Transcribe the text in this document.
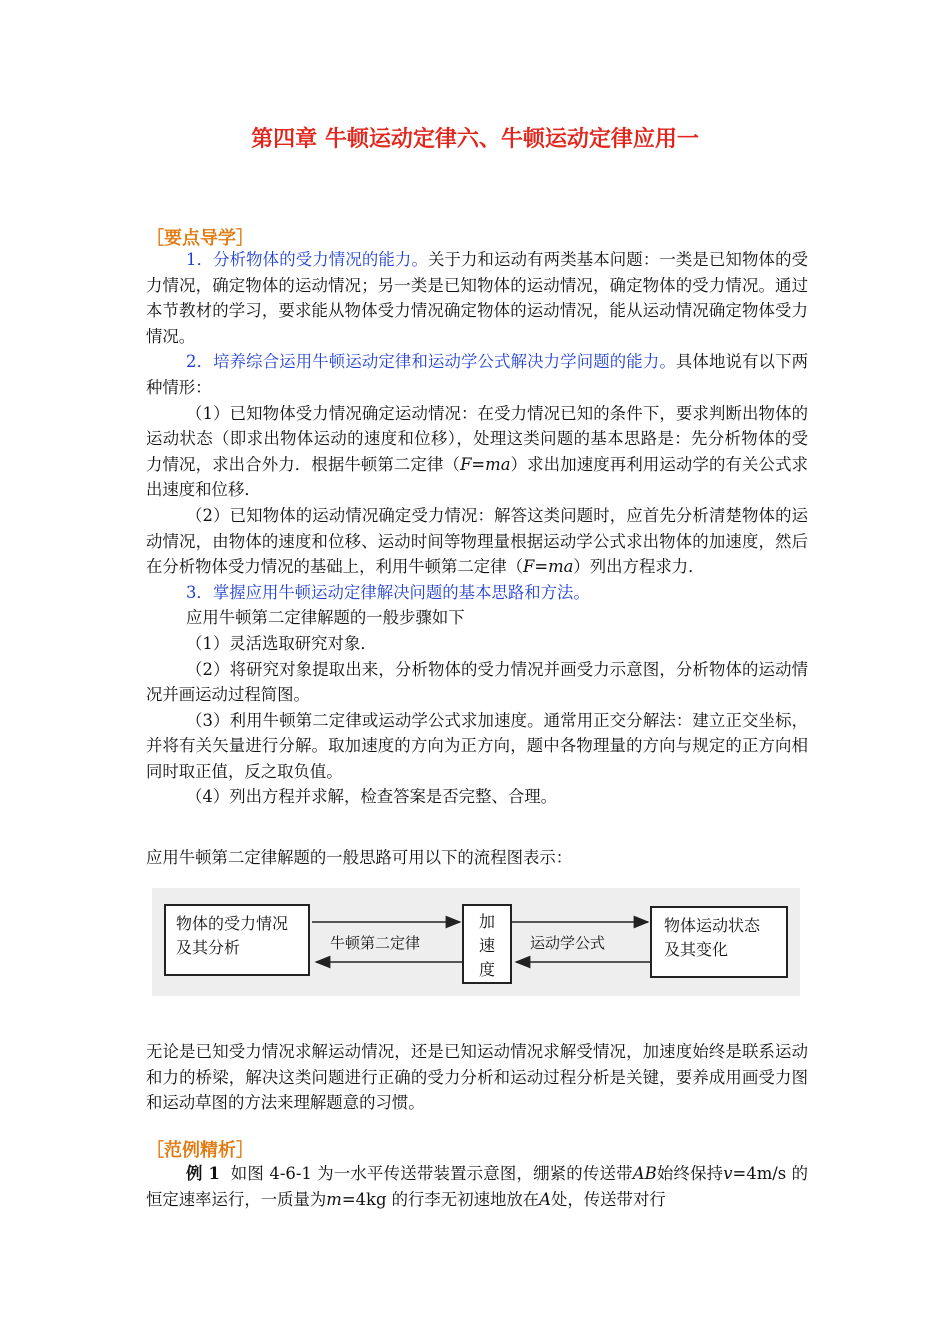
第四章 牛顿运动定律六、牛顿运动定律应用一
［要点导学］

1．分析物体的受力情况的能力。关于力和运动有两类基本问题：一类是已知物体的受力情况，确定物体的运动情况；另一类是已知物体的运动情况，确定物体的受力情况。通过本节教材的学习，要求能从物体受力情况确定物体的运动情况，能从运动情况确定物体受力情况。

2．培养综合运用牛顿运动定律和运动学公式解决力学问题的能力。具体地说有以下两种情形：

（1）已知物体受力情况确定运动情况：在受力情况已知的条件下，要求判断出物体的运动状态（即求出物体运动的速度和位移），处理这类问题的基本思路是：先分析物体的受力情况，求出合外力．根据牛顿第二定律（F=ma）求出加速度再利用运动学的有关公式求出速度和位移．

（2）已知物体的运动情况确定受力情况：解答这类问题时，应首先分析清楚物体的运动情况，由物体的速度和位移、运动时间等物理量根据运动学公式求出物体的加速度，然后在分析物体受力情况的基础上，利用牛顿第二定律（F=ma）列出方程求力．

3．掌握应用牛顿运动定律解决问题的基本思路和方法。

应用牛顿第二定律解题的一般步骤如下

（1）灵活选取研究对象．

（2）将研究对象提取出来，分析物体的受力情况并画受力示意图，分析物体的运动情况并画运动过程简图。

（3）利用牛顿第二定律或运动学公式求加速度。通常用正交分解法：建立正交坐标，并将有关矢量进行分解。取加速度的方向为正方向，题中各物理量的方向与规定的正方向相同时取正值，反之取负值。

（4）列出方程并求解，检查答案是否完整、合理。

应用牛顿第二定律解题的一般思路可用以下的流程图表示：

物体的受力情况
及其分析	牛顿第二定律
加
速
度
运动学公式
物体运动状态
及其变化

无论是已知受力情况求解运动情况，还是已知运动情况求解受情况，加速度始终是联系运动和力的桥梁，解决这类问题进行正确的受力分析和运动过程分析是关键，要养成用画受力图和运动草图的方法来理解题意的习惯。

［范例精析］

例 1 如图 4-6-1 为一水平传送带装置示意图，绷紧的传送带AB始终保持v=4m/s 的恒定速率运行，一质量为m=4kg 的行李无初速地放在A处，传送带对行
